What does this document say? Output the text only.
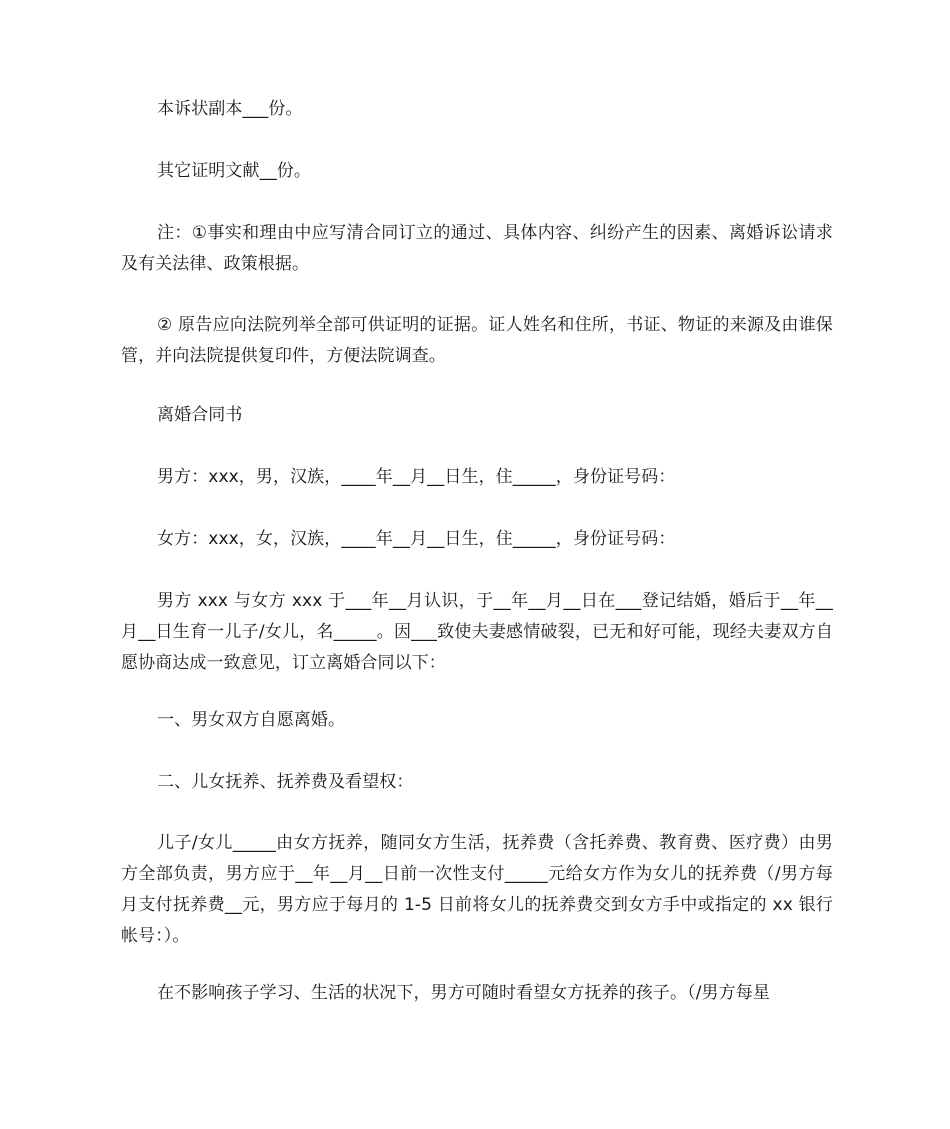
本诉状副本___份。

其它证明文献__份。

注：①事实和理由中应写清合同订立的通过、具体内容、纠纷产生的因素、离婚诉讼请求及有关法律、政策根据。

② 原告应向法院列举全部可供证明的证据。证人姓名和住所，书证、物证的来源及由谁保管，并向法院提供复印件，方便法院调查。

离婚合同书

男方：xxx，男，汉族，____年__月__日生，住_____，身份证号码：

女方：xxx，女，汉族，____年__月__日生，住_____，身份证号码：

男方 xxx 与女方 xxx 于___年__月认识，于__年__月__日在___登记结婚，婚后于__年__月__日生育一儿子/女儿，名_____。因___致使夫妻感情破裂，已无和好可能，现经夫妻双方自愿协商达成一致意见，订立离婚合同以下：

一、男女双方自愿离婚。

二、儿女抚养、抚养费及看望权：

儿子/女儿_____由女方抚养，随同女方生活，抚养费（含托养费、教育费、医疗费）由男方全部负责，男方应于__年__月__日前一次性支付_____元给女方作为女儿的抚养费（/男方每月支付抚养费__元，男方应于每月的 1-5 日前将女儿的抚养费交到女方手中或指定的 xx 银行帐号：）。

在不影响孩子学习、生活的状况下，男方可随时看望女方抚养的孩子。（/男方每星
